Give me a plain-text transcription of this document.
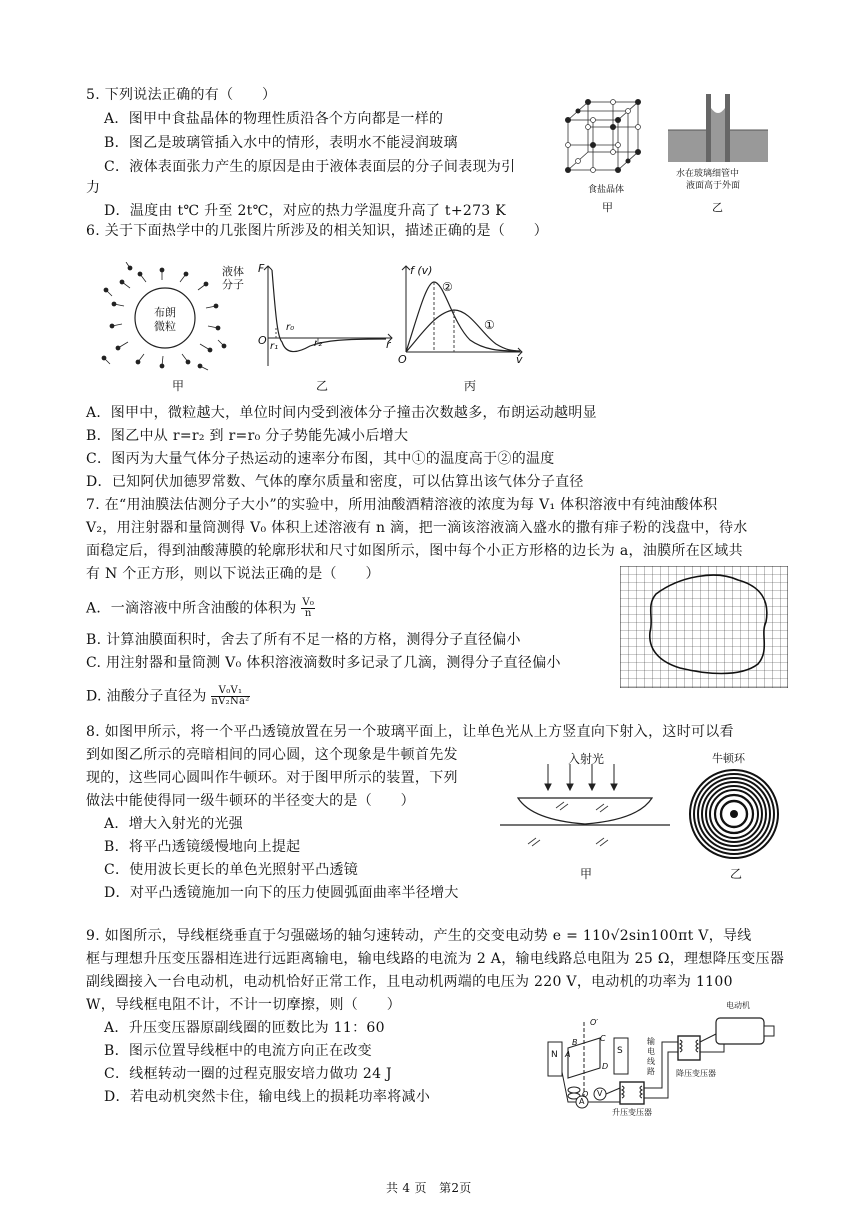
5. 下列说法正确的有（　　）
A．图甲中食盐晶体的物理性质沿各个方向都是一样的
B．图乙是玻璃管插入水中的情形，表明水不能浸润玻璃
C．液体表面张力产生的原因是由于液体表面层的分子间表现为引
力
D．温度由 t℃ 升至 2t℃，对应的热力学温度升高了 t+273 K
食盐晶体
甲
水在玻璃细管中
液面高于外面
乙
6. 关于下面热学中的几张图片所涉及的相关知识，描述正确的是（　　）
布朗
微粒
液体
分子
甲
F
O
r₀
r₁	r₂	r
乙
f (v)
O	v
②
①
丙
A．图甲中，微粒越大，单位时间内受到液体分子撞击次数越多，布朗运动越明显
B．图乙中从 r=r₂ 到 r=r₀ 分子势能先减小后增大
C．图丙为大量气体分子热运动的速率分布图，其中①的温度高于②的温度
D．已知阿伏加德罗常数、气体的摩尔质量和密度，可以估算出该气体分子直径
7. 在“用油膜法估测分子大小”的实验中，所用油酸酒精溶液的浓度为每 V₁ 体积溶液中有纯油酸体积
V₂，用注射器和量筒测得 V₀ 体积上述溶液有 n 滴，把一滴该溶液滴入盛水的撒有痱子粉的浅盘中，待水
面稳定后，得到油酸薄膜的轮廓形状和尺寸如图所示，图中每个小正方形格的边长为 a，油膜所在区域共
有 N 个正方形，则以下说法正确的是（　　）
A．一滴溶液中所含油酸的体积为 $\frac{\text{V₀}}{n}$
B. 计算油膜面积时，舍去了所有不足一格的方格，测得分子直径偏小
C. 用注射器和量筒测 V₀ 体积溶液滴数时多记录了几滴，测得分子直径偏小
D. 油酸分子直径为 $\frac{\text{V₀V₁}}{\text{nV₂Na²}}$
8. 如图甲所示，将一个平凸透镜放置在另一个玻璃平面上，让单色光从上方竖直向下射入，这时可以看
到如图乙所示的亮暗相间的同心圆，这个现象是牛顿首先发
现的，这些同心圆叫作牛顿环。对于图甲所示的装置，下列
做法中能使得同一级牛顿环的半径变大的是（　　）
A．增大入射光的光强
B．将平凸透镜缓慢地向上提起
C．使用波长更长的单色光照射平凸透镜
D．对平凸透镜施加一向下的压力使圆弧面曲率半径增大
入射光
甲
牛顿环
乙
9. 如图所示，导线框绕垂直于匀强磁场的轴匀速转动，产生的交变电动势 e = 110√2sin100πt V，导线
框与理想升压变压器相连进行远距离输电，输电线路的电流为 2 A，输电线路总电阻为 25 Ω，理想降压变压器
副线圈接入一台电动机，电动机恰好正常工作，且电动机两端的电压为 220 V，电动机的功率为 1100
W，导线框电阻不计，不计一切摩擦，则（　　）
A．升压变压器原副线圈的匝数比为 11：60
B．图示位置导线框中的电流方向正在改变
C．线框转动一圈的过程克服安培力做功 24 J
D．若电动机突然卡住，输电线上的损耗功率将减小
电动机
输
电
线
路	降压变压器
升压变压器
N	S
O
O′
A
B	C
D
V
A
共 4 页　第2页
